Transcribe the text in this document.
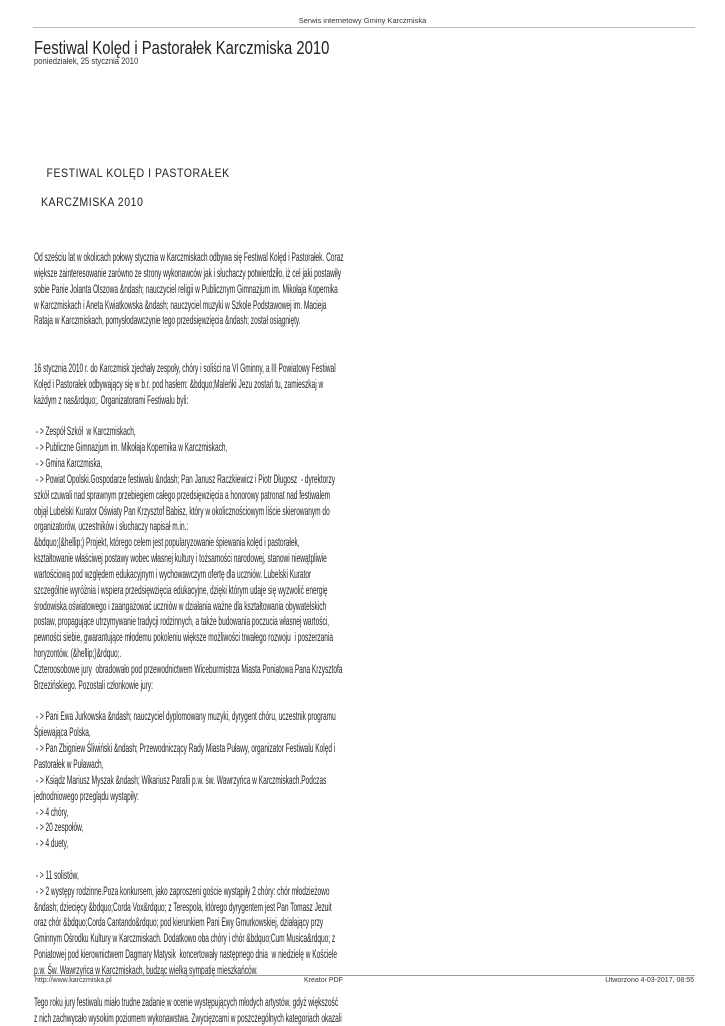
Serwis internetowy Gminy Karczmiska
Festiwal Kolęd i Pastorałek Karczmiska 2010
poniedziałek, 25 stycznia 2010
FESTIWAL KOLĘD I PASTORAŁEK
KARCZMISKA 2010
Od sześciu lat w okolicach połowy stycznia w Karczmiskach odbywa się Festiwal Kolęd i Pastorałek. Coraz
większe zainteresowanie zarówno ze strony wykonawców jak i słuchaczy potwierdziło, iż cel jaki postawiły
sobie Panie Jolanta Olszowa &ndash; nauczyciel religii w Publicznym Gimnazjum im. Mikołaja Kopernika
w Karczmiskach i Aneta Kwiatkowska &ndash; nauczyciel muzyki w Szkole Podstawowej im. Macieja
Rataja w Karczmiskach, pomysłodawczynie tego przedsięwzięcia &ndash; został osiągnięty.
16 stycznia 2010 r. do Karczmisk zjechały zespoły, chóry i soliści na VI Gminny, a III Powiatowy Festiwal
Kolęd i Pastorałek odbywający się w b.r. pod hasłem: &bdquo;Maleńki Jezu zostań tu, zamieszkaj w
każdym z nas&rdquo;. Organizatorami Festiwalu byli:
- > Zespół Szkół  w Karczmiskach,
- > Publiczne Gimnazjum im. Mikołaja Kopernika w Karczmiskach,
- > Gmina Karczmiska,
- > Powiat Opolski.Gospodarze festiwalu &ndash; Pan Janusz Raczkiewicz i Piotr Długosz  - dyrektorzy
szkół czuwali nad sprawnym przebiegiem całego przedsięwzięcia a honorowy patronat nad festiwalem
objął Lubelski Kurator Oświaty Pan Krzysztof Babisz, który w okolicznościowym liście skierowanym do
organizatorów, uczestników i słuchaczy napisał m.in.:
&bdquo;(&hellip;) Projekt, którego celem jest popularyzowanie śpiewania kolęd i pastorałek,
kształtowanie właściwej postawy wobec własnej kultury i tożsamości narodowej, stanowi niewątpliwie
wartościową pod względem edukacyjnym i wychowawczym ofertę dla uczniów. Lubelski Kurator
szczególnie wyróżnia i wspiera przedsięwzięcia edukacyjne, dzięki którym udaje się wyzwolić energię
środowiska oświatowego i zaangażować uczniów w działania ważne dla kształtowania obywatelskich
postaw, propagujące utrzymywanie tradycji rodzinnych, a także budowania poczucia własnej wartości,
pewności siebie, gwarantujące młodemu pokoleniu większe możliwości trwałego rozwoju  i poszerzania
horyzontów. (&hellip;)&rdquo;.
Czteroosobowe jury  obradowało pod przewodnictwem Wiceburmistrza Miasta Poniatowa Pana Krzysztofa
Brzezińskiego. Pozostali członkowie jury:
- > Pani Ewa Jurkowska &ndash; nauczyciel dyplomowany muzyki, dyrygent chóru, uczestnik programu
Śpiewająca Polska,
- > Pan Zbigniew Śliwiński &ndash; Przewodniczący Rady Miasta Puławy, organizator Festiwalu Kolęd i
Pastorałek w Puławach,
- > Ksiądz Mariusz Myszak &ndash; Wikariusz Parafii p.w. św. Wawrzyńca w Karczmiskach.Podczas
jednodniowego przeglądu wystąpiły:
- > 4 chóry,
- > 20 zespołów,
- > 4 duety,
- > 11 solistów,
- > 2 występy rodzinne.Poza konkursem, jako zaproszeni goście wystąpiły 2 chóry: chór młodzieżowo
&ndash; dziecięcy &bdquo;Corda Vox&rdquo; z Terespola, którego dyrygentem jest Pan Tomasz Jezuit
oraz chór &bdquo;Corda Cantando&rdquo; pod kierunkiem Pani Ewy Gmurkowskiej, działający przy
Gminnym Ośrodku Kultury w Karczmiskach. Dodatkowo oba chóry i chór &bdquo;Cum Musica&rdquo; z
Poniatowej pod kierownictwem Dagmary Matysik  koncertowały następnego dnia  w niedzielę w Kościele
p.w. Św. Wawrzyńca w Karczmiskach, budząc wielką sympatię mieszkańców.
Tego roku jury festiwalu miało trudne zadanie w ocenie występujących młodych artystów, gdyż większość
z nich zachwycało wysokim poziomem wykonawstwa. Zwycięzcami w poszczególnych kategoriach okazali
http://www.karczmiska.pl	Kreator PDF	Utworzono 4-03-2017, 08:55
